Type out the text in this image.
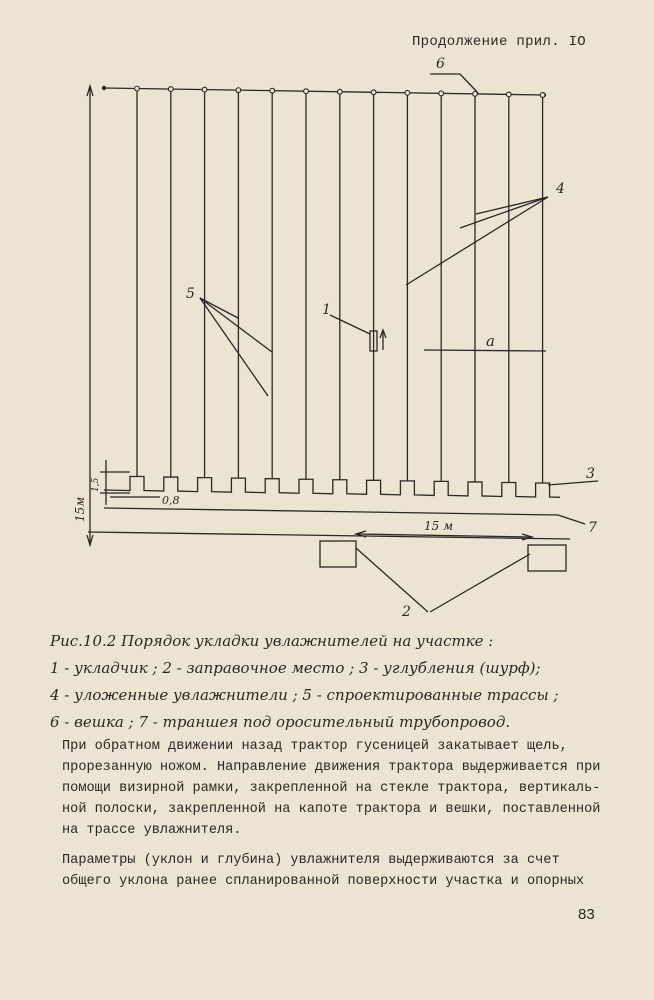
Продолжение прил. IO
6
4
5
1
a
3
7
2
15 м
0,8
1,5
15м
Рис.10.2 Порядок укладки увлажнителей на участке :
1 - укладчик ; 2 - заправочное место ; 3 - углубления (шурф);
4 - уложенные увлажнители ; 5 - спроектированные трассы ;
6 - вешка ; 7 - траншея под оросительный трубопровод.
При обратном движении назад трактор гусеницей закатывает щель,
прорезанную ножом. Направление движения трактора выдерживается при
помощи визирной рамки, закрепленной на стекле трактора, вертикаль-
ной полоски, закрепленной на капоте трактора и вешки, поставленной
на трассе увлажнителя.
Параметры (уклон и глубина) увлажнителя выдерживаются за счет
общего уклона ранее спланированной поверхности участка и опорных
83
